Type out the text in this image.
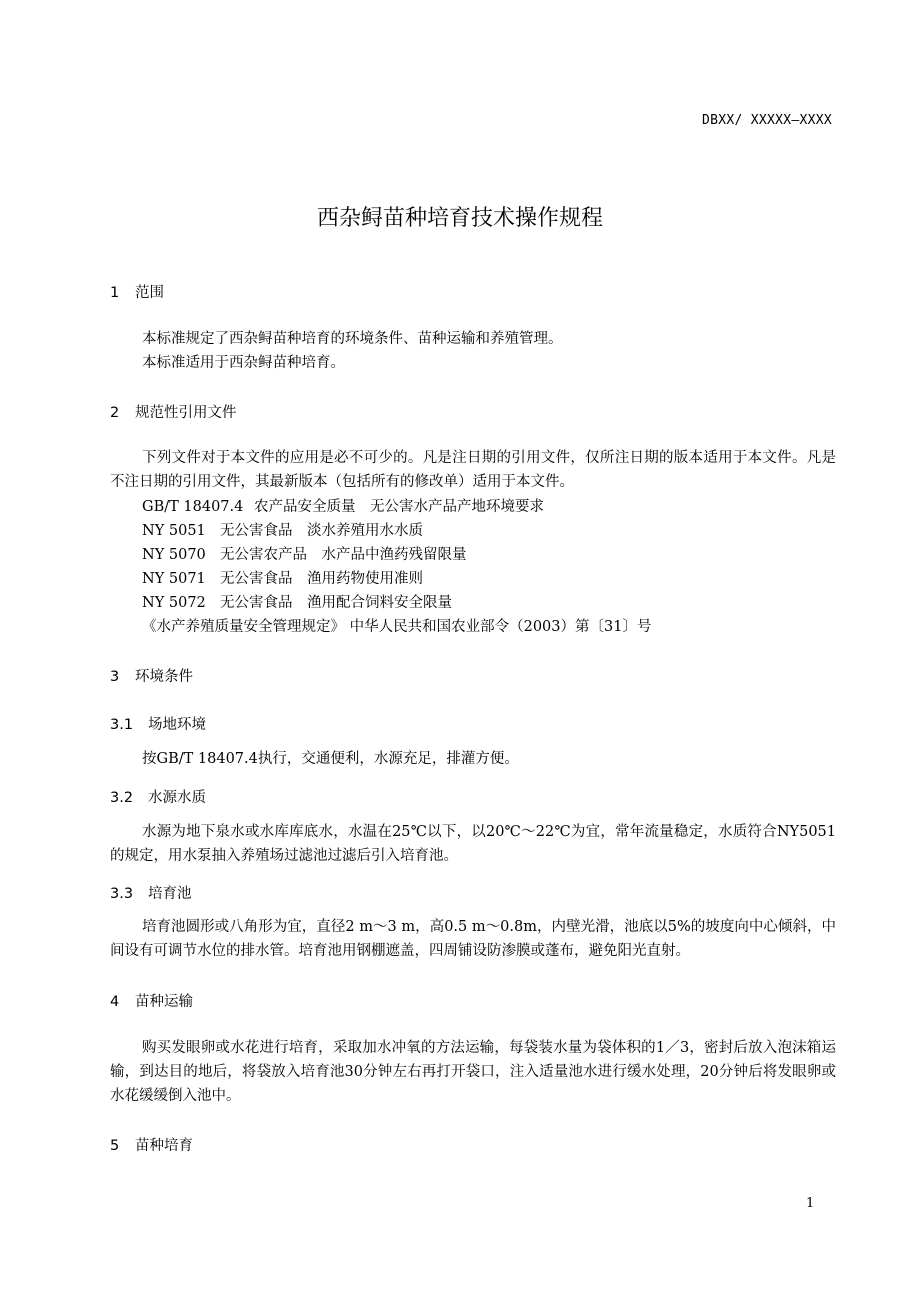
DBXX/ XXXXX—XXXX
西杂鲟苗种培育技术操作规程
1 范围
本标准规定了西杂鲟苗种培育的环境条件、苗种运输和养殖管理。
本标准适用于西杂鲟苗种培育。
2 规范性引用文件

下列文件对于本文件的应用是必不可少的。凡是注日期的引用文件，仅所注日期的版本适用于本文件。凡是不注日期的引用文件，其最新版本（包括所有的修改单）适用于本文件。

GB/T 18407.4 农产品安全质量　无公害水产品产地环境要求
NY 5051 无公害食品　淡水养殖用水水质
NY 5070 无公害农产品　水产品中渔药残留限量
NY 5071 无公害食品　渔用药物使用准则
NY 5072 无公害食品　渔用配合饲料安全限量
《水产养殖质量安全管理规定》 中华人民共和国农业部令（2003）第〔31〕号
3 环境条件
3.1 场地环境

按GB/T 18407.4执行，交通便利，水源充足，排灌方便。

3.2 水源水质

水源为地下泉水或水库库底水，水温在25℃以下，以20℃～22℃为宜，常年流量稳定，水质符合NY5051的规定，用水泵抽入养殖场过滤池过滤后引入培育池。

3.3 培育池

培育池圆形或八角形为宜，直径2 m～3 m，高0.5 m～0.8m，内壁光滑，池底以5%的坡度向中心倾斜，中间设有可调节水位的排水管。培育池用钢棚遮盖，四周铺设防渗膜或蓬布，避免阳光直射。

4 苗种运输

购买发眼卵或水花进行培育，采取加水冲氧的方法运输，每袋装水量为袋体积的1／3，密封后放入泡沫箱运输，到达目的地后，将袋放入培育池30分钟左右再打开袋口，注入适量池水进行缓水处理，20分钟后将发眼卵或水花缓缓倒入池中。

5 苗种培育
1
